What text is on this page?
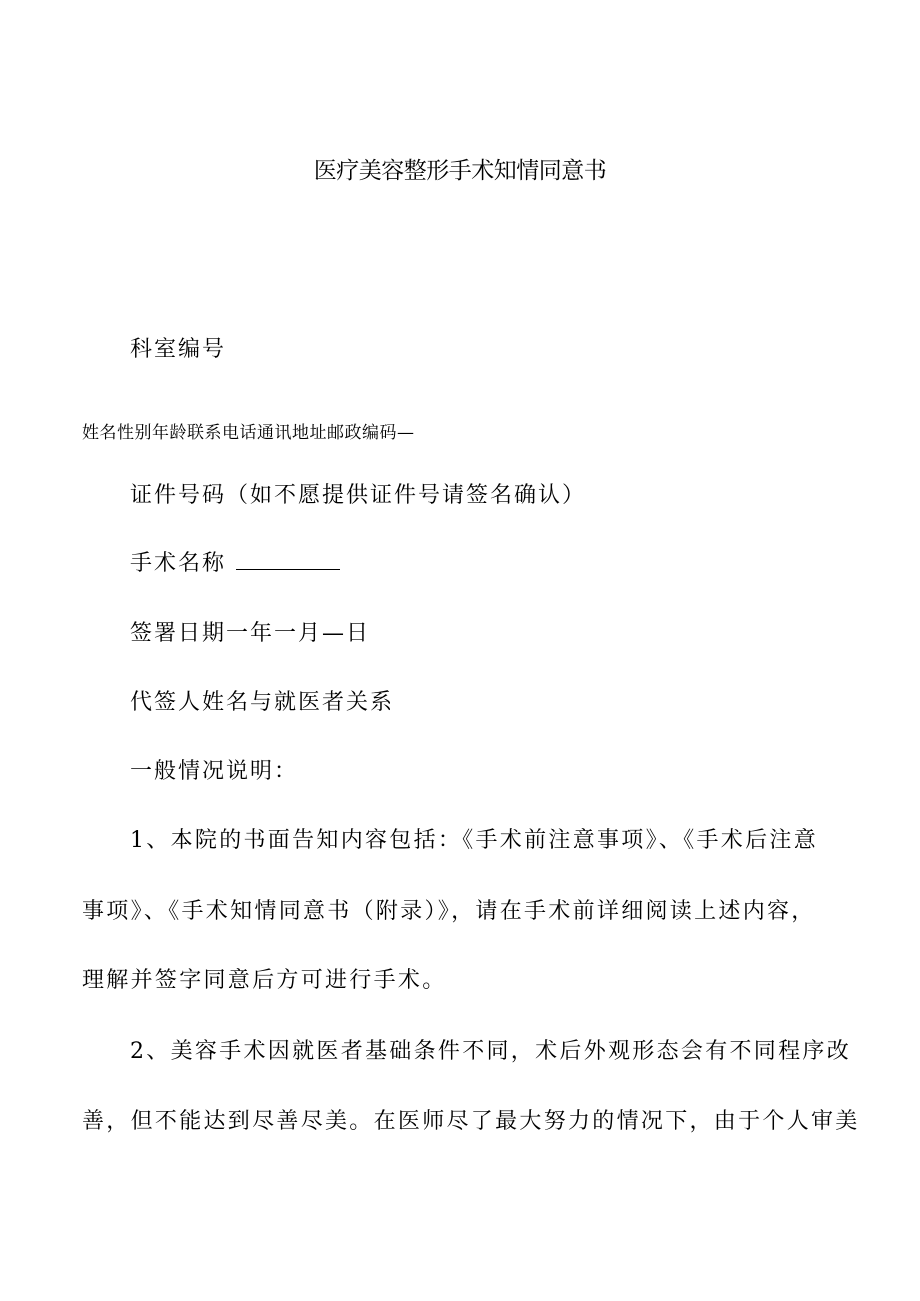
医疗美容整形手术知情同意书
科室编号
姓名性别年龄联系电话通讯地址邮政编码—
证件号码（如不愿提供证件号请签名确认）
手术名称
签署日期一年一月—日
代签人姓名与就医者关系
一般情况说明：
1、本院的书面告知内容包括：《手术前注意事项》、《手术后注意
事项》、《手术知情同意书（附录）》，请在手术前详细阅读上述内容，
理解并签字同意后方可进行手术。
2、美容手术因就医者基础条件不同，术后外观形态会有不同程序改
善，但不能达到尽善尽美。在医师尽了最大努力的情况下，由于个人审美
